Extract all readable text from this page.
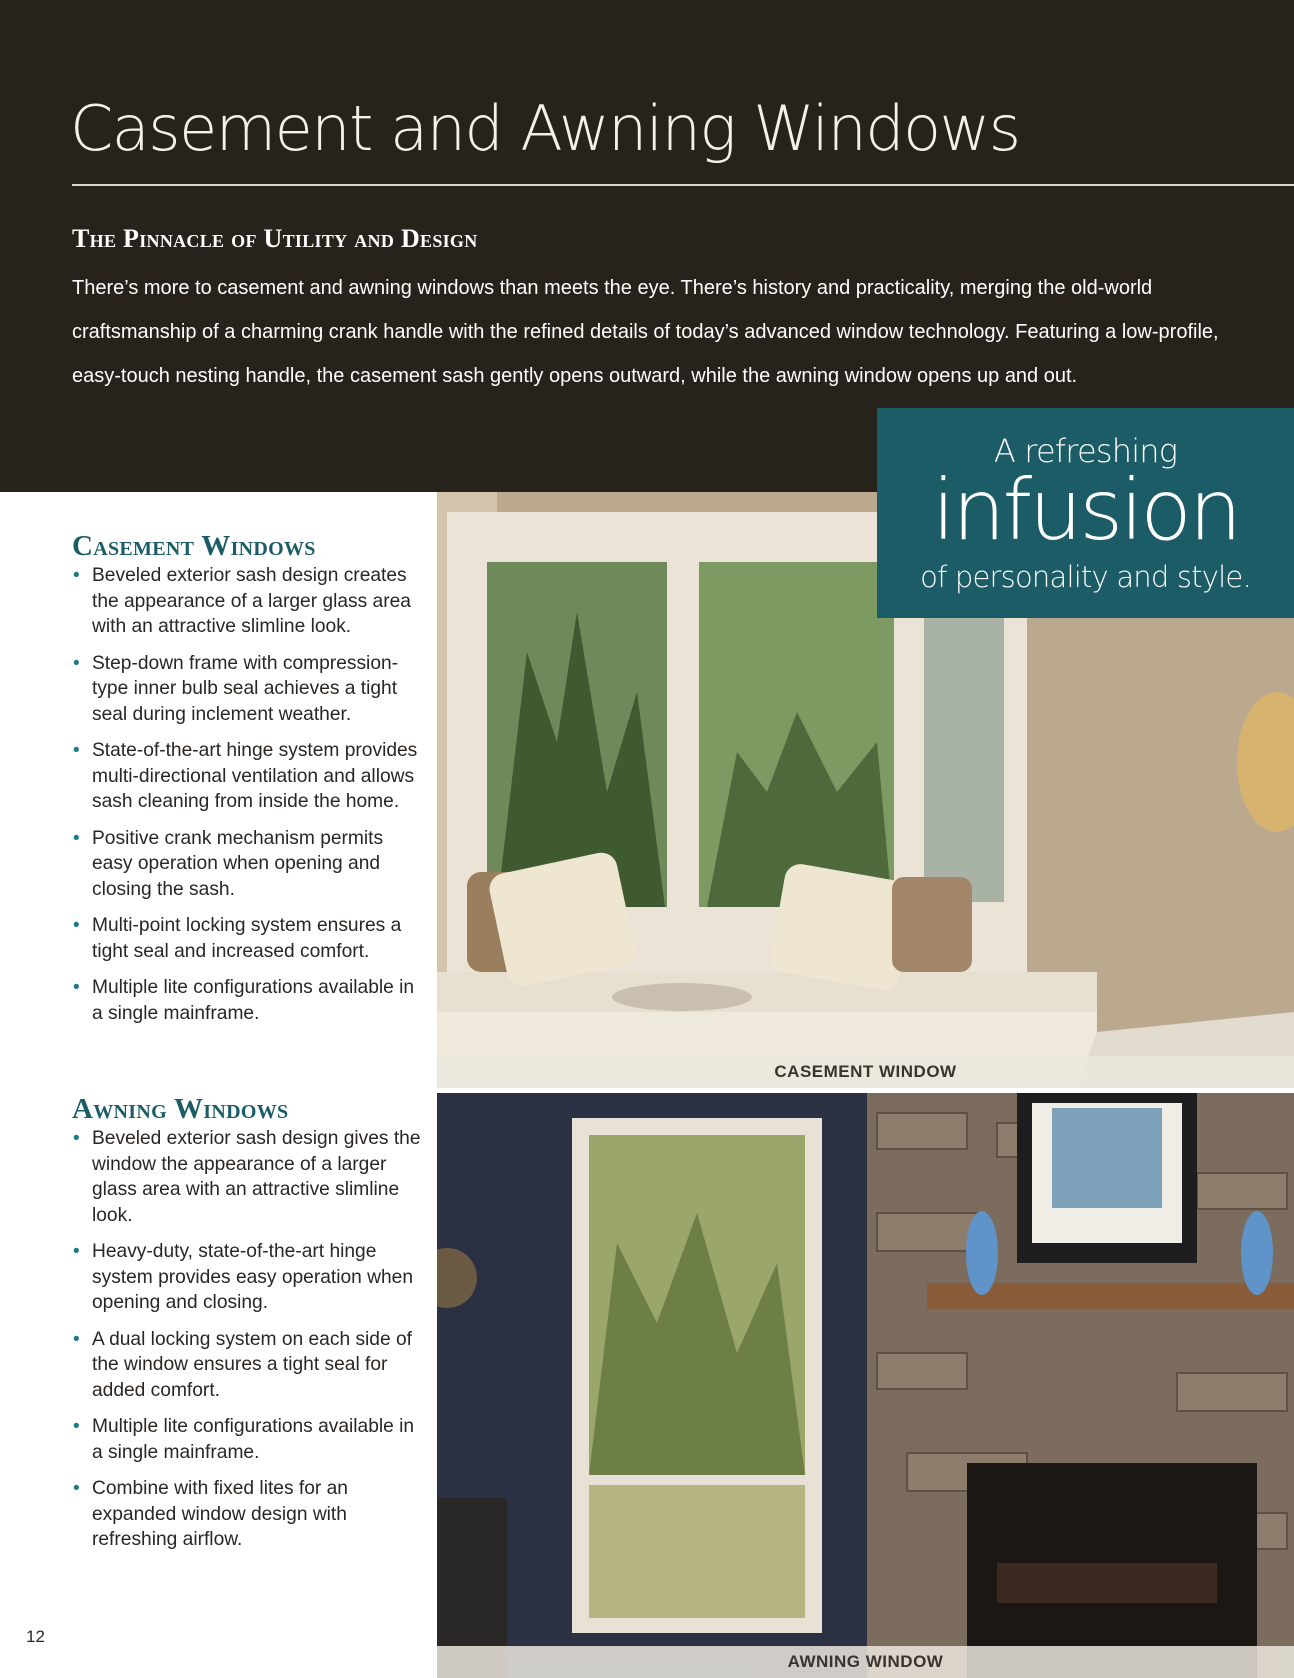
Casement and Awning Windows
The Pinnacle of Utility and Design

There’s more to casement and awning windows than meets the eye. There’s history and practicality, merging the old-world craftsmanship of a charming crank handle with the refined details of today’s advanced window technology. Featuring a low-profile, easy-touch nesting handle, the casement sash gently opens outward, while the awning window opens up and out.

CASEMENT WINDOW
AWNING WINDOW
A refreshing
infusion
of personality and style.
Casement Windows
• Beveled exterior sash design creates the appearance of a larger glass area with an attractive slimline look.
• Step-down frame with compression-type inner bulb seal achieves a tight seal during inclement weather.
• State-of-the-art hinge system provides multi-directional ventilation and allows sash cleaning from inside the home.
• Positive crank mechanism permits easy operation when opening and closing the sash.
• Multi-point locking system ensures a tight seal and increased comfort.
• Multiple lite configurations available in a single mainframe.
Awning Windows
• Beveled exterior sash design gives the window the appearance of a larger glass area with an attractive slimline look.
• Heavy-duty, state-of-the-art hinge system provides easy operation when opening and closing.
• A dual locking system on each side of the window ensures a tight seal for added comfort.
• Multiple lite configurations available in a single mainframe.
• Combine with fixed lites for an expanded window design with refreshing airflow.
12
